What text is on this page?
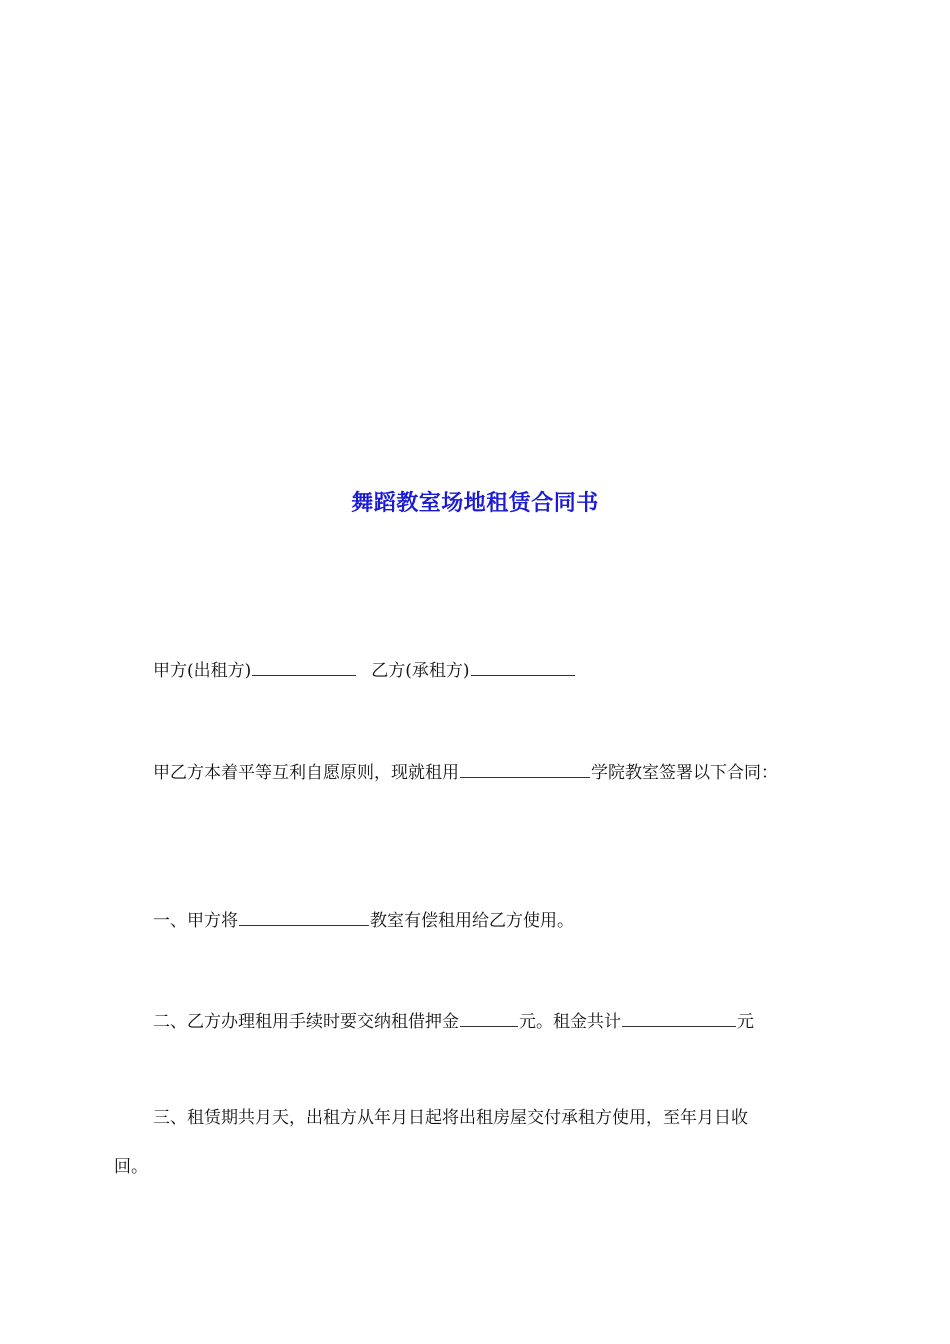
舞蹈教室场地租赁合同书
甲方(出租方)	乙方(承租方)
甲乙方本着平等互利自愿原则，现就租用	学院教室签署以下合同：
一、甲方将	教室有偿租用给乙方使用。
二、乙方办理租用手续时要交纳租借押金	元。租金共计	元
三、租赁期共月天，出租方从年月日起将出租房屋交付承租方使用，至年月日收
回。
